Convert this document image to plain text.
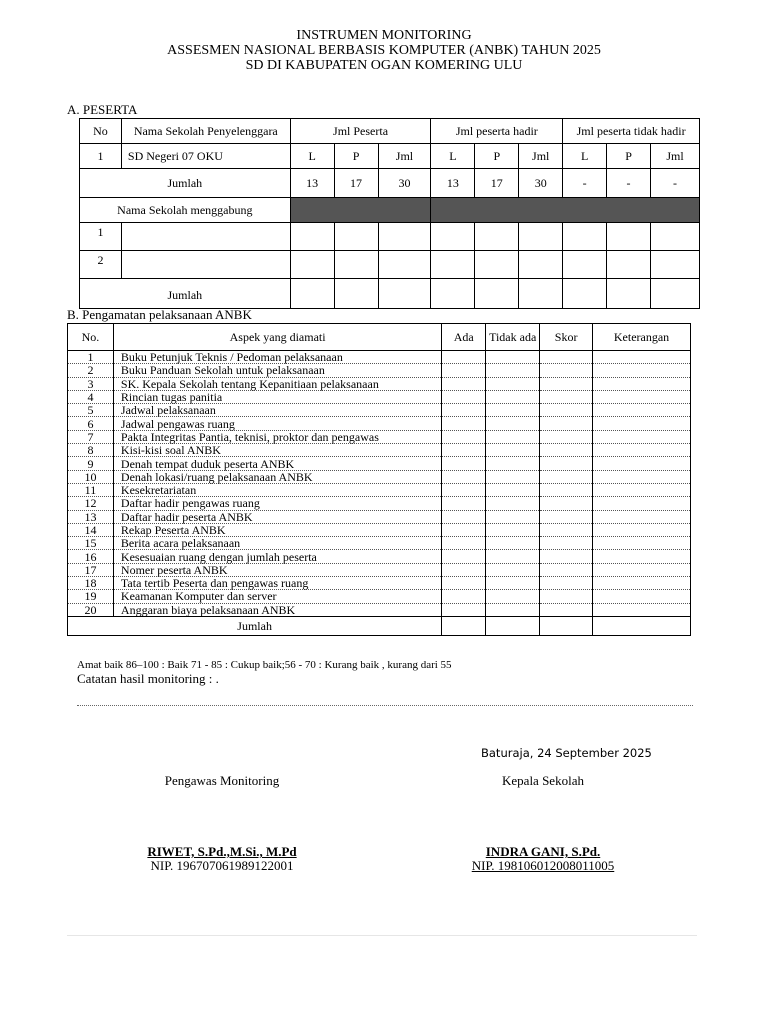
INSTRUMEN MONITORING
ASSESMEN NASIONAL BERBASIS KOMPUTER (ANBK) TAHUN 2025
SD DI KABUPATEN OGAN KOMERING ULU
A. PESERTA
No	Nama Sekolah Penyelenggara	Jml Peserta			Jml peserta hadir			Jml peserta tidak hadir		
1	SD Negeri 07 OKU	L	P	Jml	L	P	Jml	L	P	Jml
Jumlah		13	17	30	13	17	30	-	-	-
Nama Sekolah menggabung										
1										
2										
Jumlah										
B. Pengamatan pelaksanaan ANBK
No.	Aspek yang diamati	Ada	Tidak ada	Skor	Keterangan
1	Buku Petunjuk Teknis / Pedoman pelaksanaan				
2	Buku Panduan Sekolah untuk pelaksanaan				
3	SK. Kepala Sekolah tentang Kepanitiaan pelaksanaan				
4	Rincian tugas panitia				
5	Jadwal pelaksanaan				
6	Jadwal pengawas ruang				
7	Pakta Integritas Pantia, teknisi, proktor dan pengawas				
8	Kisi-kisi soal ANBK				
9	Denah tempat duduk peserta ANBK				
10	Denah lokasi/ruang pelaksanaan ANBK				
11	Kesekretariatan				
12	Daftar hadir pengawas ruang				
13	Daftar hadir peserta ANBK				
14	Rekap Peserta ANBK				
15	Berita acara pelaksanaan				
16	Kesesuaian ruang dengan jumlah peserta				
17	Nomer peserta ANBK				
18	Tata tertib Peserta dan pengawas ruang				
19	Keamanan Komputer dan server				
20	Anggaran biaya pelaksanaan ANBK				
Jumlah					
Amat baik 86–100 : Baik 71 - 85 : Cukup baik;56 - 70 : Kurang baik , kurang dari 55
Catatan hasil monitoring : .
Baturaja, 24 September 2025
Pengawas Monitoring	Kepala Sekolah
RIWET, S.Pd.,M.Si., M.Pd
NIP. 196707061989122001
INDRA GANI, S.Pd.
NIP. 198106012008011005
